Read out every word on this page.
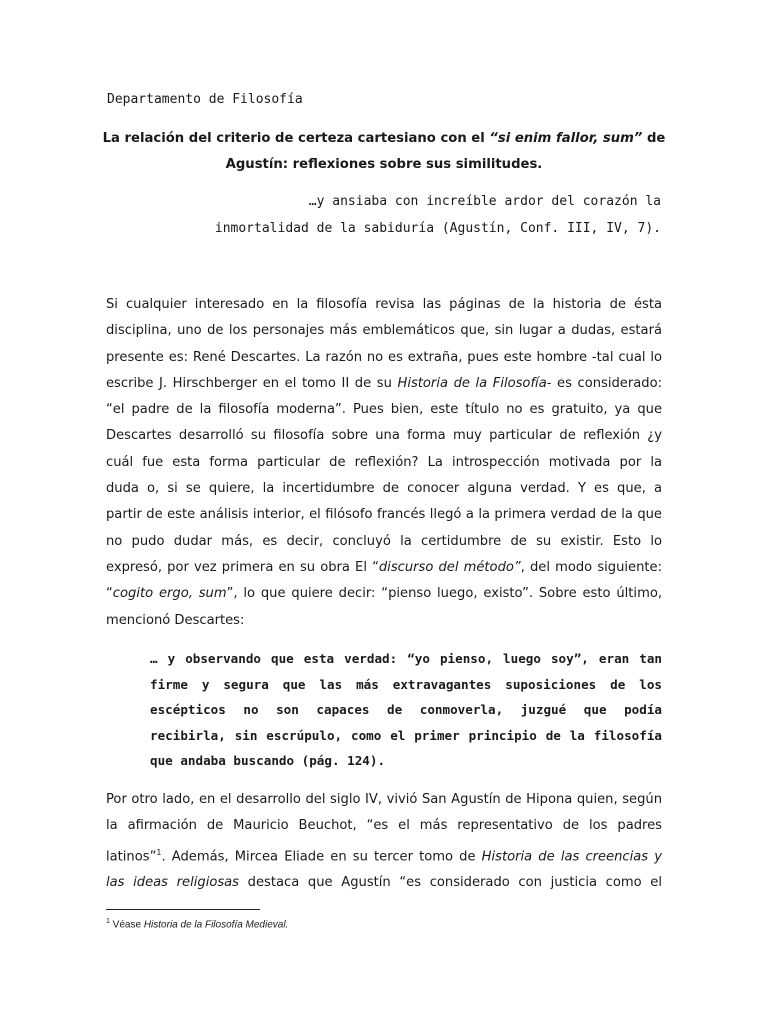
Departamento de Filosofía
La relación del criterio de certeza cartesiano con el “si enim fallor, sum” de
Agustín: reflexiones sobre sus similitudes.
…y ansiaba con increíble ardor del corazón la
inmortalidad de la sabiduría (Agustín, Conf. III, IV, 7).
Si cualquier interesado en la filosofía revisa las páginas de la historia de ésta
disciplina, uno de los personajes más emblemáticos que, sin lugar a dudas, estará
presente es: René Descartes. La razón no es extraña, pues este hombre -tal cual lo
escribe J. Hirschberger en el tomo II de su Historia de la Filosofía- es considerado:
“el padre de la filosofía moderna”. Pues bien, este título no es gratuito, ya que
Descartes desarrolló su filosofía sobre una forma muy particular de reflexión ¿y
cuál fue esta forma particular de reflexión? La introspección motivada por la
duda o, si se quiere, la incertidumbre de conocer alguna verdad. Y es que, a
partir de este análisis interior, el filósofo francés llegó a la primera verdad de la que
no pudo dudar más, es decir, concluyó la certidumbre de su existir. Esto lo
expresó, por vez primera en su obra El “discurso del método”, del modo siguiente:
“cogito ergo, sum”, lo que quiere decir: “pienso luego, existo”. Sobre esto último,
mencionó Descartes:
… y observando que esta verdad: “yo pienso, luego soy”, eran tan
firme y segura que las más extravagantes suposiciones de los
escépticos no son capaces de conmoverla, juzgué que podía
recibirla, sin escrúpulo, como el primer principio de la filosofía
que andaba buscando (pág. 124).
Por otro lado, en el desarrollo del siglo IV, vivió San Agustín de Hipona quien, según
la afirmación de Mauricio Beuchot, “es el más representativo de los padres
latinos”$^1$. Además, Mircea Eliade en su tercer tomo de Historia de las creencias y
las ideas religiosas destaca que Agustín “es considerado con justicia como el
$^1$ Véase Historia de la Filosofía Medieval.
